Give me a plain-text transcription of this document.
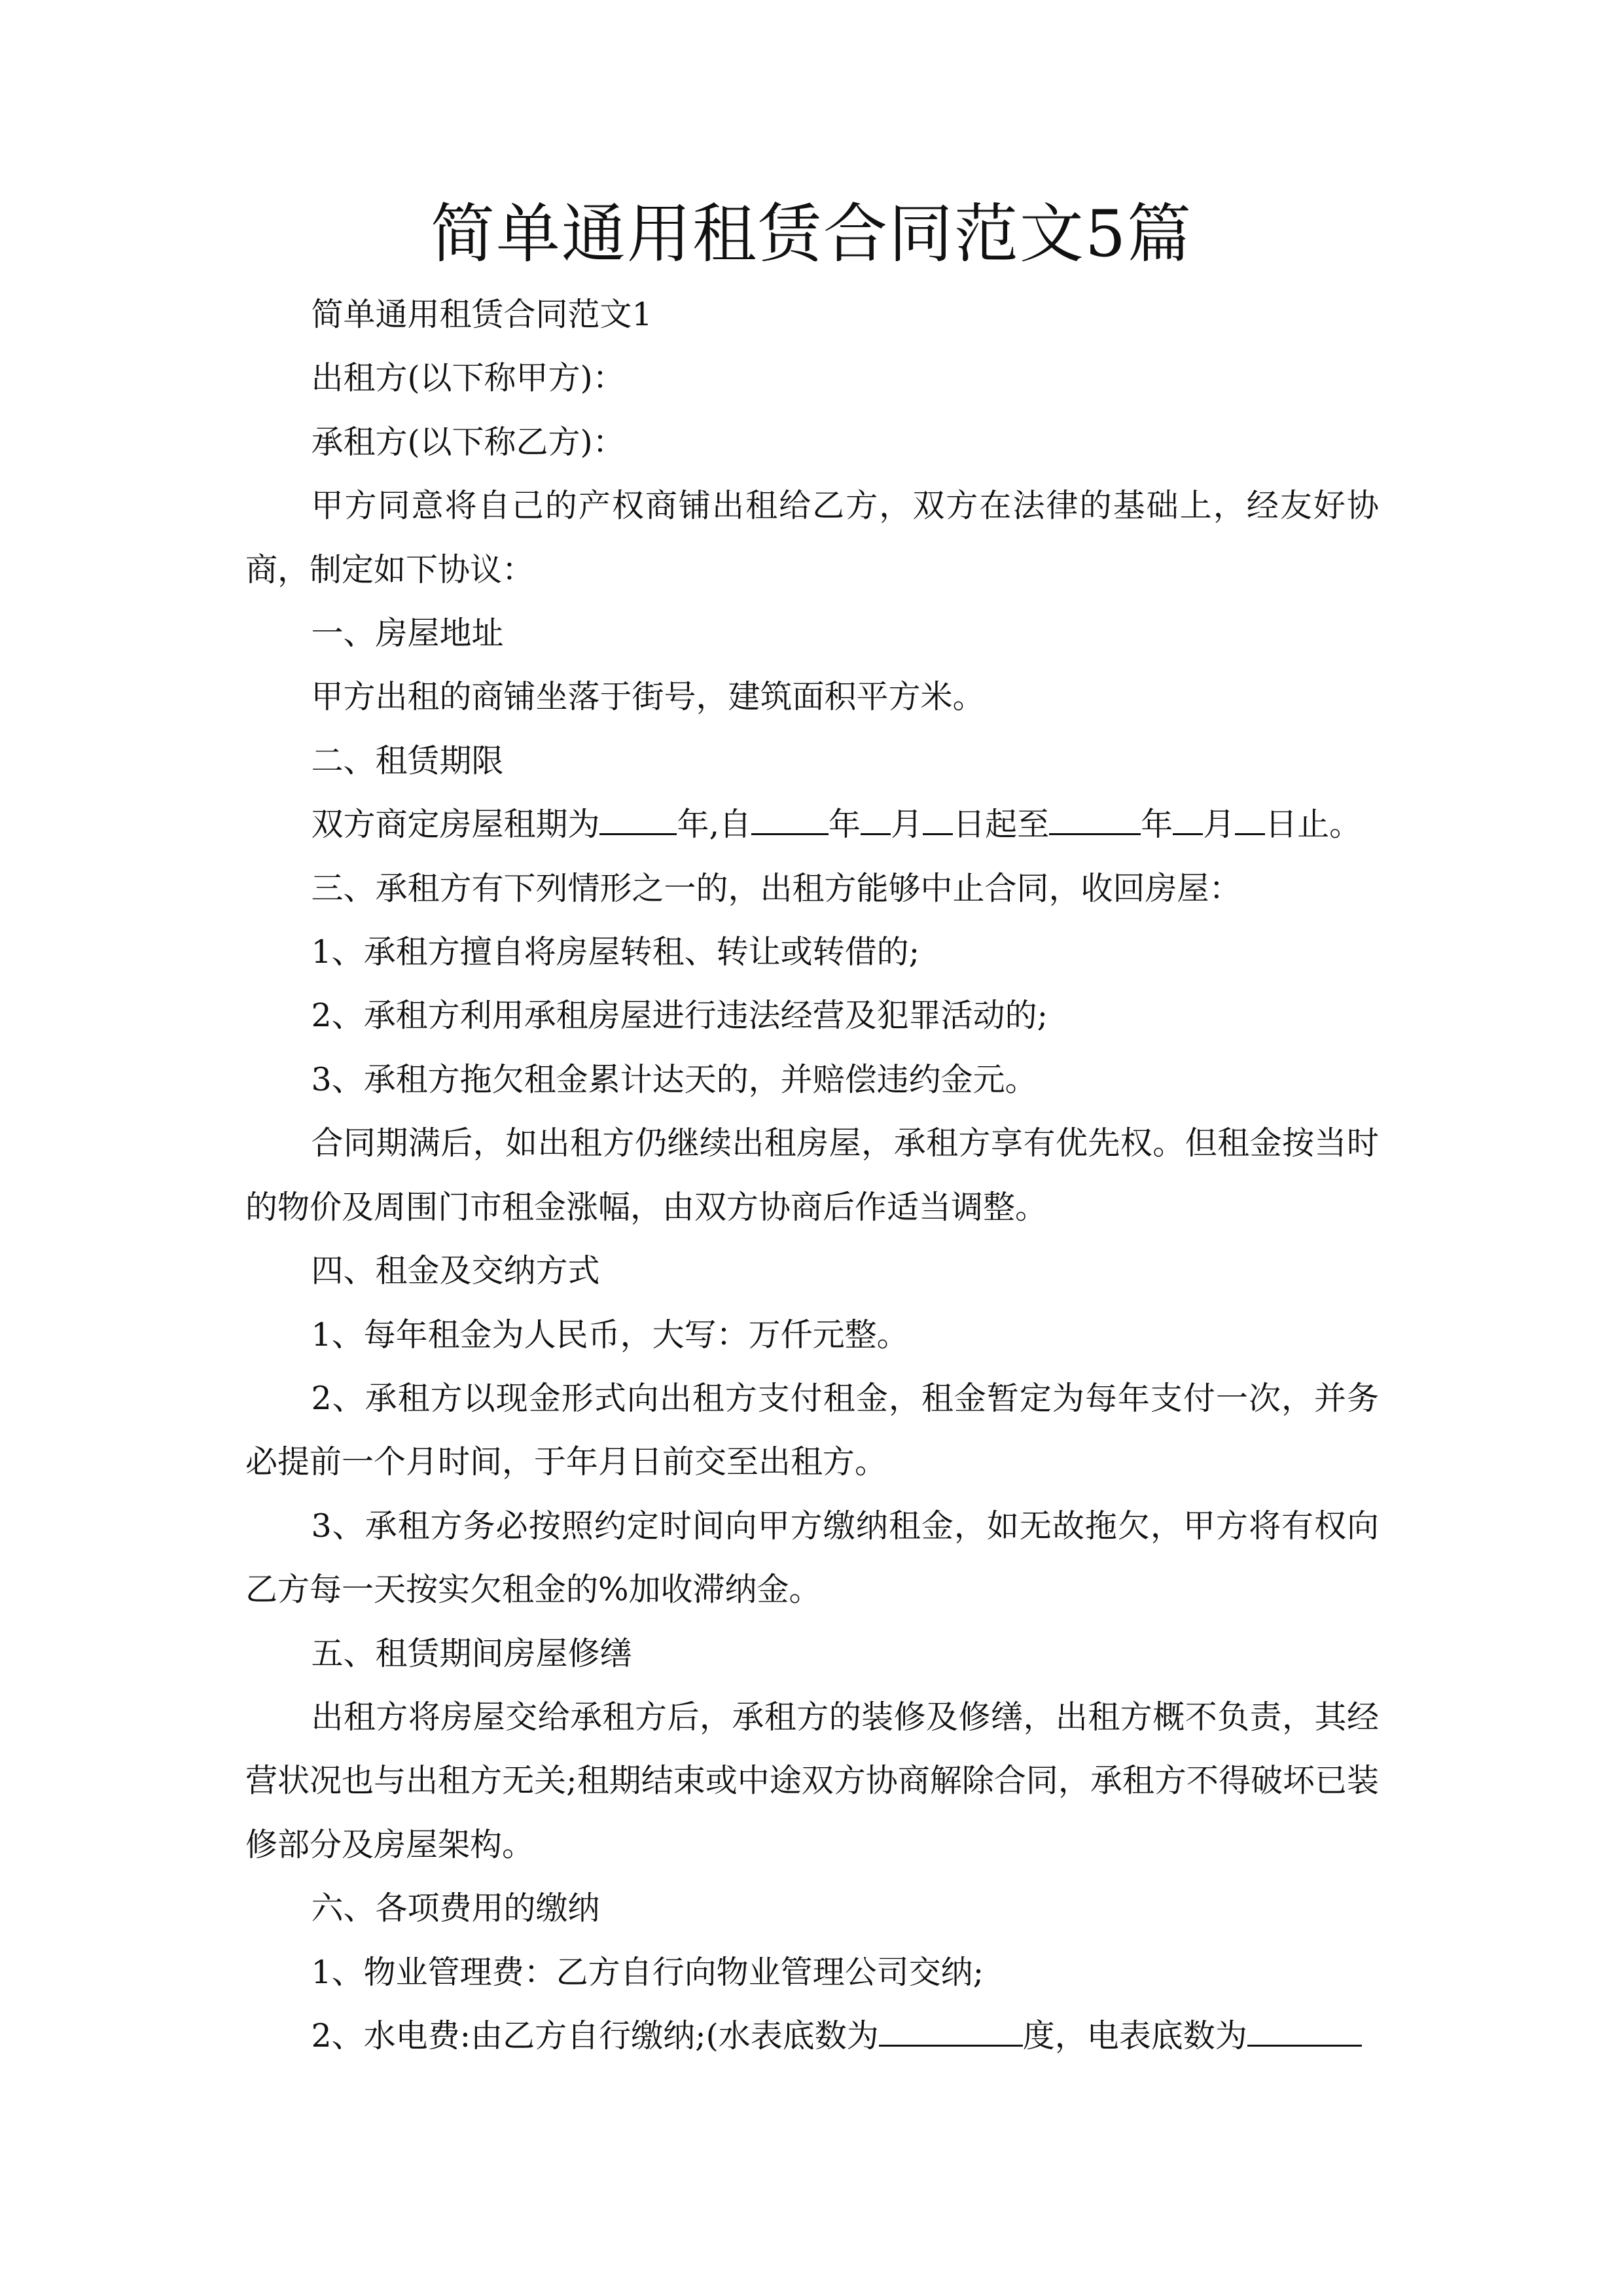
简单通用租赁合同范文5篇

简单通用租赁合同范文1

出租方(以下称甲方)：

承租方(以下称乙方)：

甲方同意将自己的产权商铺出租给乙方，双方在法律的基础上，经友好协商，制定如下协议：

一、房屋地址

甲方出租的商铺坐落于街号，建筑面积平方米。

二、租赁期限

双方商定房屋租期为 年,自 年 月 日起至	年 月 日止。

三、承租方有下列情形之一的，出租方能够中止合同，收回房屋：

1、承租方擅自将房屋转租、转让或转借的;

2、承租方利用承租房屋进行违法经营及犯罪活动的;

3、承租方拖欠租金累计达天的，并赔偿违约金元。

合同期满后，如出租方仍继续出租房屋，承租方享有优先权。但租金按当时的物价及周围门市租金涨幅，由双方协商后作适当调整。

四、租金及交纳方式

1、每年租金为人民币，大写：万仟元整。

2、承租方以现金形式向出租方支付租金，租金暂定为每年支付一次，并务必提前一个月时间，于年月日前交至出租方。

3、承租方务必按照约定时间向甲方缴纳租金，如无故拖欠，甲方将有权向乙方每一天按实欠租金的%加收滞纳金。

五、租赁期间房屋修缮

出租方将房屋交给承租方后，承租方的装修及修缮，出租方概不负责，其经营状况也与出租方无关;租期结束或中途双方协商解除合同，承租方不得破坏已装修部分及房屋架构。

六、各项费用的缴纳

1、物业管理费：乙方自行向物业管理公司交纳;

2、水电费:由乙方自行缴纳;(水表底数为	度，电表底数为
